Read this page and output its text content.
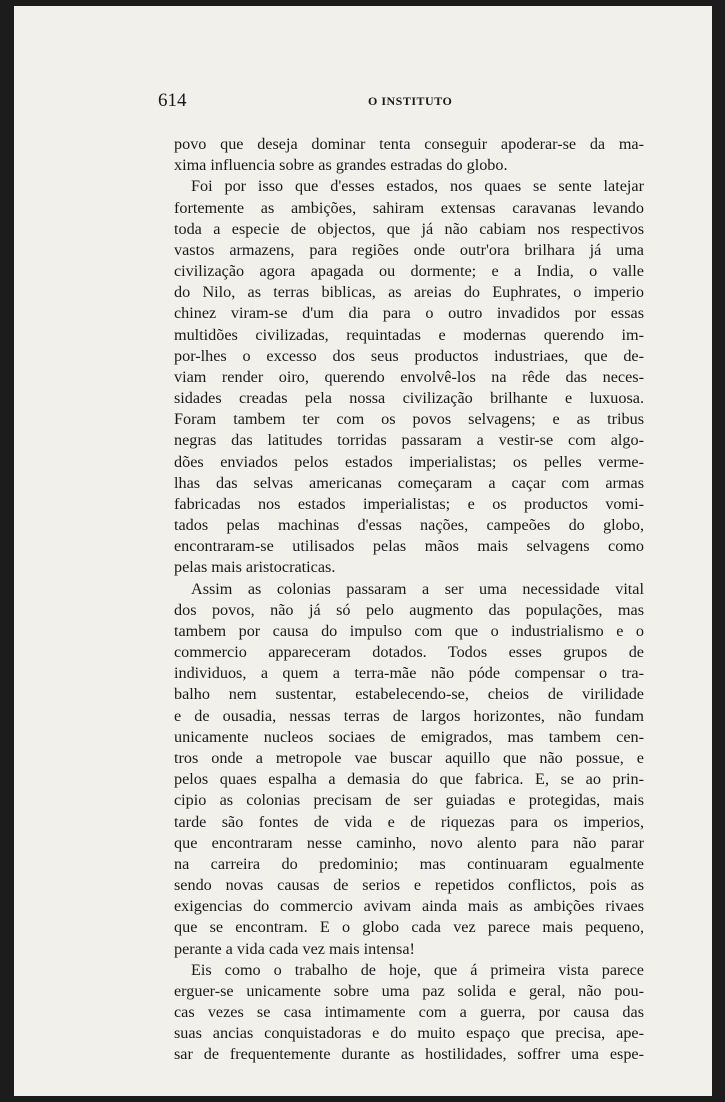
614	O INSTITUTO
povo que deseja dominar tenta conseguir apoderar-se da ma-
xima influencia sobre as grandes estradas do globo.
Foi por isso que d'esses estados, nos quaes se sente latejar
fortemente as ambições, sahiram extensas caravanas levando
toda a especie de objectos, que já não cabiam nos respectivos
vastos armazens, para regiões onde outr'ora brilhara já uma
civilização agora apagada ou dormente; e a India, o valle
do Nilo, as terras biblicas, as areias do Euphrates, o imperio
chinez viram-se d'um dia para o outro invadidos por essas
multidões civilizadas, requintadas e modernas querendo im-
por-lhes o excesso dos seus productos industriaes, que de-
viam render oiro, querendo envolvê-los na rêde das neces-
sidades creadas pela nossa civilização brilhante e luxuosa.
Foram tambem ter com os povos selvagens; e as tribus
negras das latitudes torridas passaram a vestir-se com algo-
dões enviados pelos estados imperialistas; os pelles verme-
lhas das selvas americanas começaram a caçar com armas
fabricadas nos estados imperialistas; e os productos vomi-
tados pelas machinas d'essas nações, campeões do globo,
encontraram-se utilisados pelas mãos mais selvagens como
pelas mais aristocraticas.
Assim as colonias passaram a ser uma necessidade vital
dos povos, não já só pelo augmento das populações, mas
tambem por causa do impulso com que o industrialismo e o
commercio appareceram dotados. Todos esses grupos de
individuos, a quem a terra-mãe não póde compensar o tra-
balho nem sustentar, estabelecendo-se, cheios de virilidade
e de ousadia, nessas terras de largos horizontes, não fundam
unicamente nucleos sociaes de emigrados, mas tambem cen-
tros onde a metropole vae buscar aquillo que não possue, e
pelos quaes espalha a demasia do que fabrica. E, se ao prin-
cipio as colonias precisam de ser guiadas e protegidas, mais
tarde são fontes de vida e de riquezas para os imperios,
que encontraram nesse caminho, novo alento para não parar
na carreira do predominio; mas continuaram egualmente
sendo novas causas de serios e repetidos conflictos, pois as
exigencias do commercio avivam ainda mais as ambições rivaes
que se encontram. E o globo cada vez parece mais pequeno,
perante a vida cada vez mais intensa!
Eis como o trabalho de hoje, que á primeira vista parece
erguer-se unicamente sobre uma paz solida e geral, não pou-
cas vezes se casa intimamente com a guerra, por causa das
suas ancias conquistadoras e do muito espaço que precisa, ape-
sar de frequentemente durante as hostilidades, soffrer uma espe-
